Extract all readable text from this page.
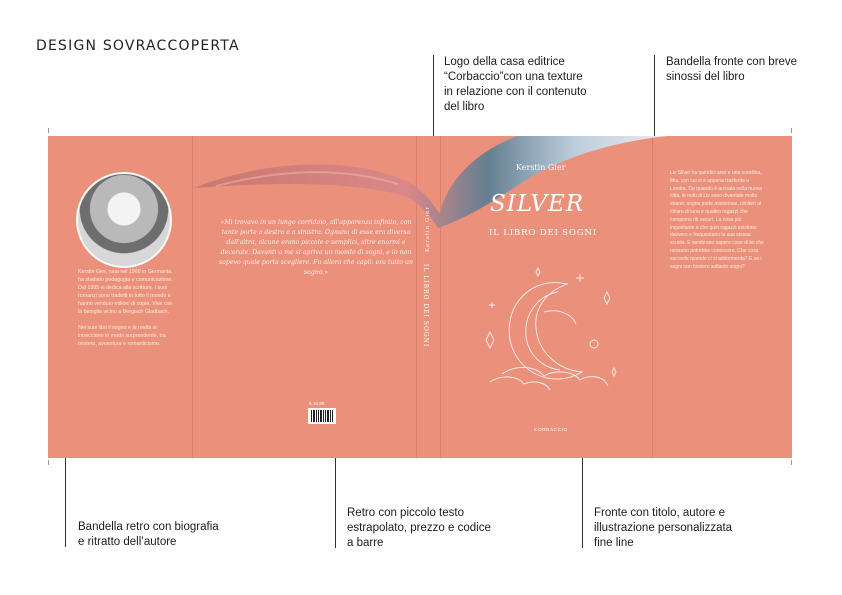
DESIGN SOVRACCOPERTA
Logo della casa editrice
“Corbaccio”con una texture
in relazione con il contenuto
del libro
Bandella fronte con breve
sinossi del libro
Bandella retro con biografia
e ritratto dell’autore
Retro con piccolo testo
estrapolato, prezzo e codice
a barre
Fronte con titolo, autore e
illustrazione personalizzata
fine line
Kerstin Gier, nata nel 1966 in Germania, ha studiato pedagogia e comunicazione. Dal 1995 si dedica alla scrittura. I suoi romanzi sono tradotti in tutto il mondo e hanno venduto milioni di copie. Vive con la famiglia vicino a Bergisch Gladbach.

Nei suoi libri il sogno e la realtà si intrecciano in modo sorprendente, tra mistero, avventura e romanticismo.
«Mi trovavo in un lungo corridoio, all'apparenza infinito, con tante porte a destra e a sinistra. Ognuna di esse era diversa dall'altra, alcune erano piccole e semplici, altre enormi e decorate. Davanti a me si apriva un mondo di sogni, e io non sapevo quale porta scegliere. Fu allora che capii: era tutto un sogno.»
€ 16,90
Kerstin Gier
IL LIBRO DEI SOGNI
Kerstin Gier
SILVER
IL LIBRO DEI SOGNI
CORBACCIO
Liv Silver ha quindici anni e una sorellina, Mia, con cui si è appena trasferita a Londra. Da quando è arrivata nella nuova città, le notti di Liv sono diventate molto strane: sogna porte misteriose, cimiteri al chiaro di luna e quattro ragazzi che compiono riti oscuri. La cosa più inquietante è che quei ragazzi esistono davvero e frequentano la sua stessa scuola. E sembrano sapere cose di lei che nessuno potrebbe conoscere. Che cosa succede quando ci si addormenta? E se i sogni non fossero soltanto sogni?
